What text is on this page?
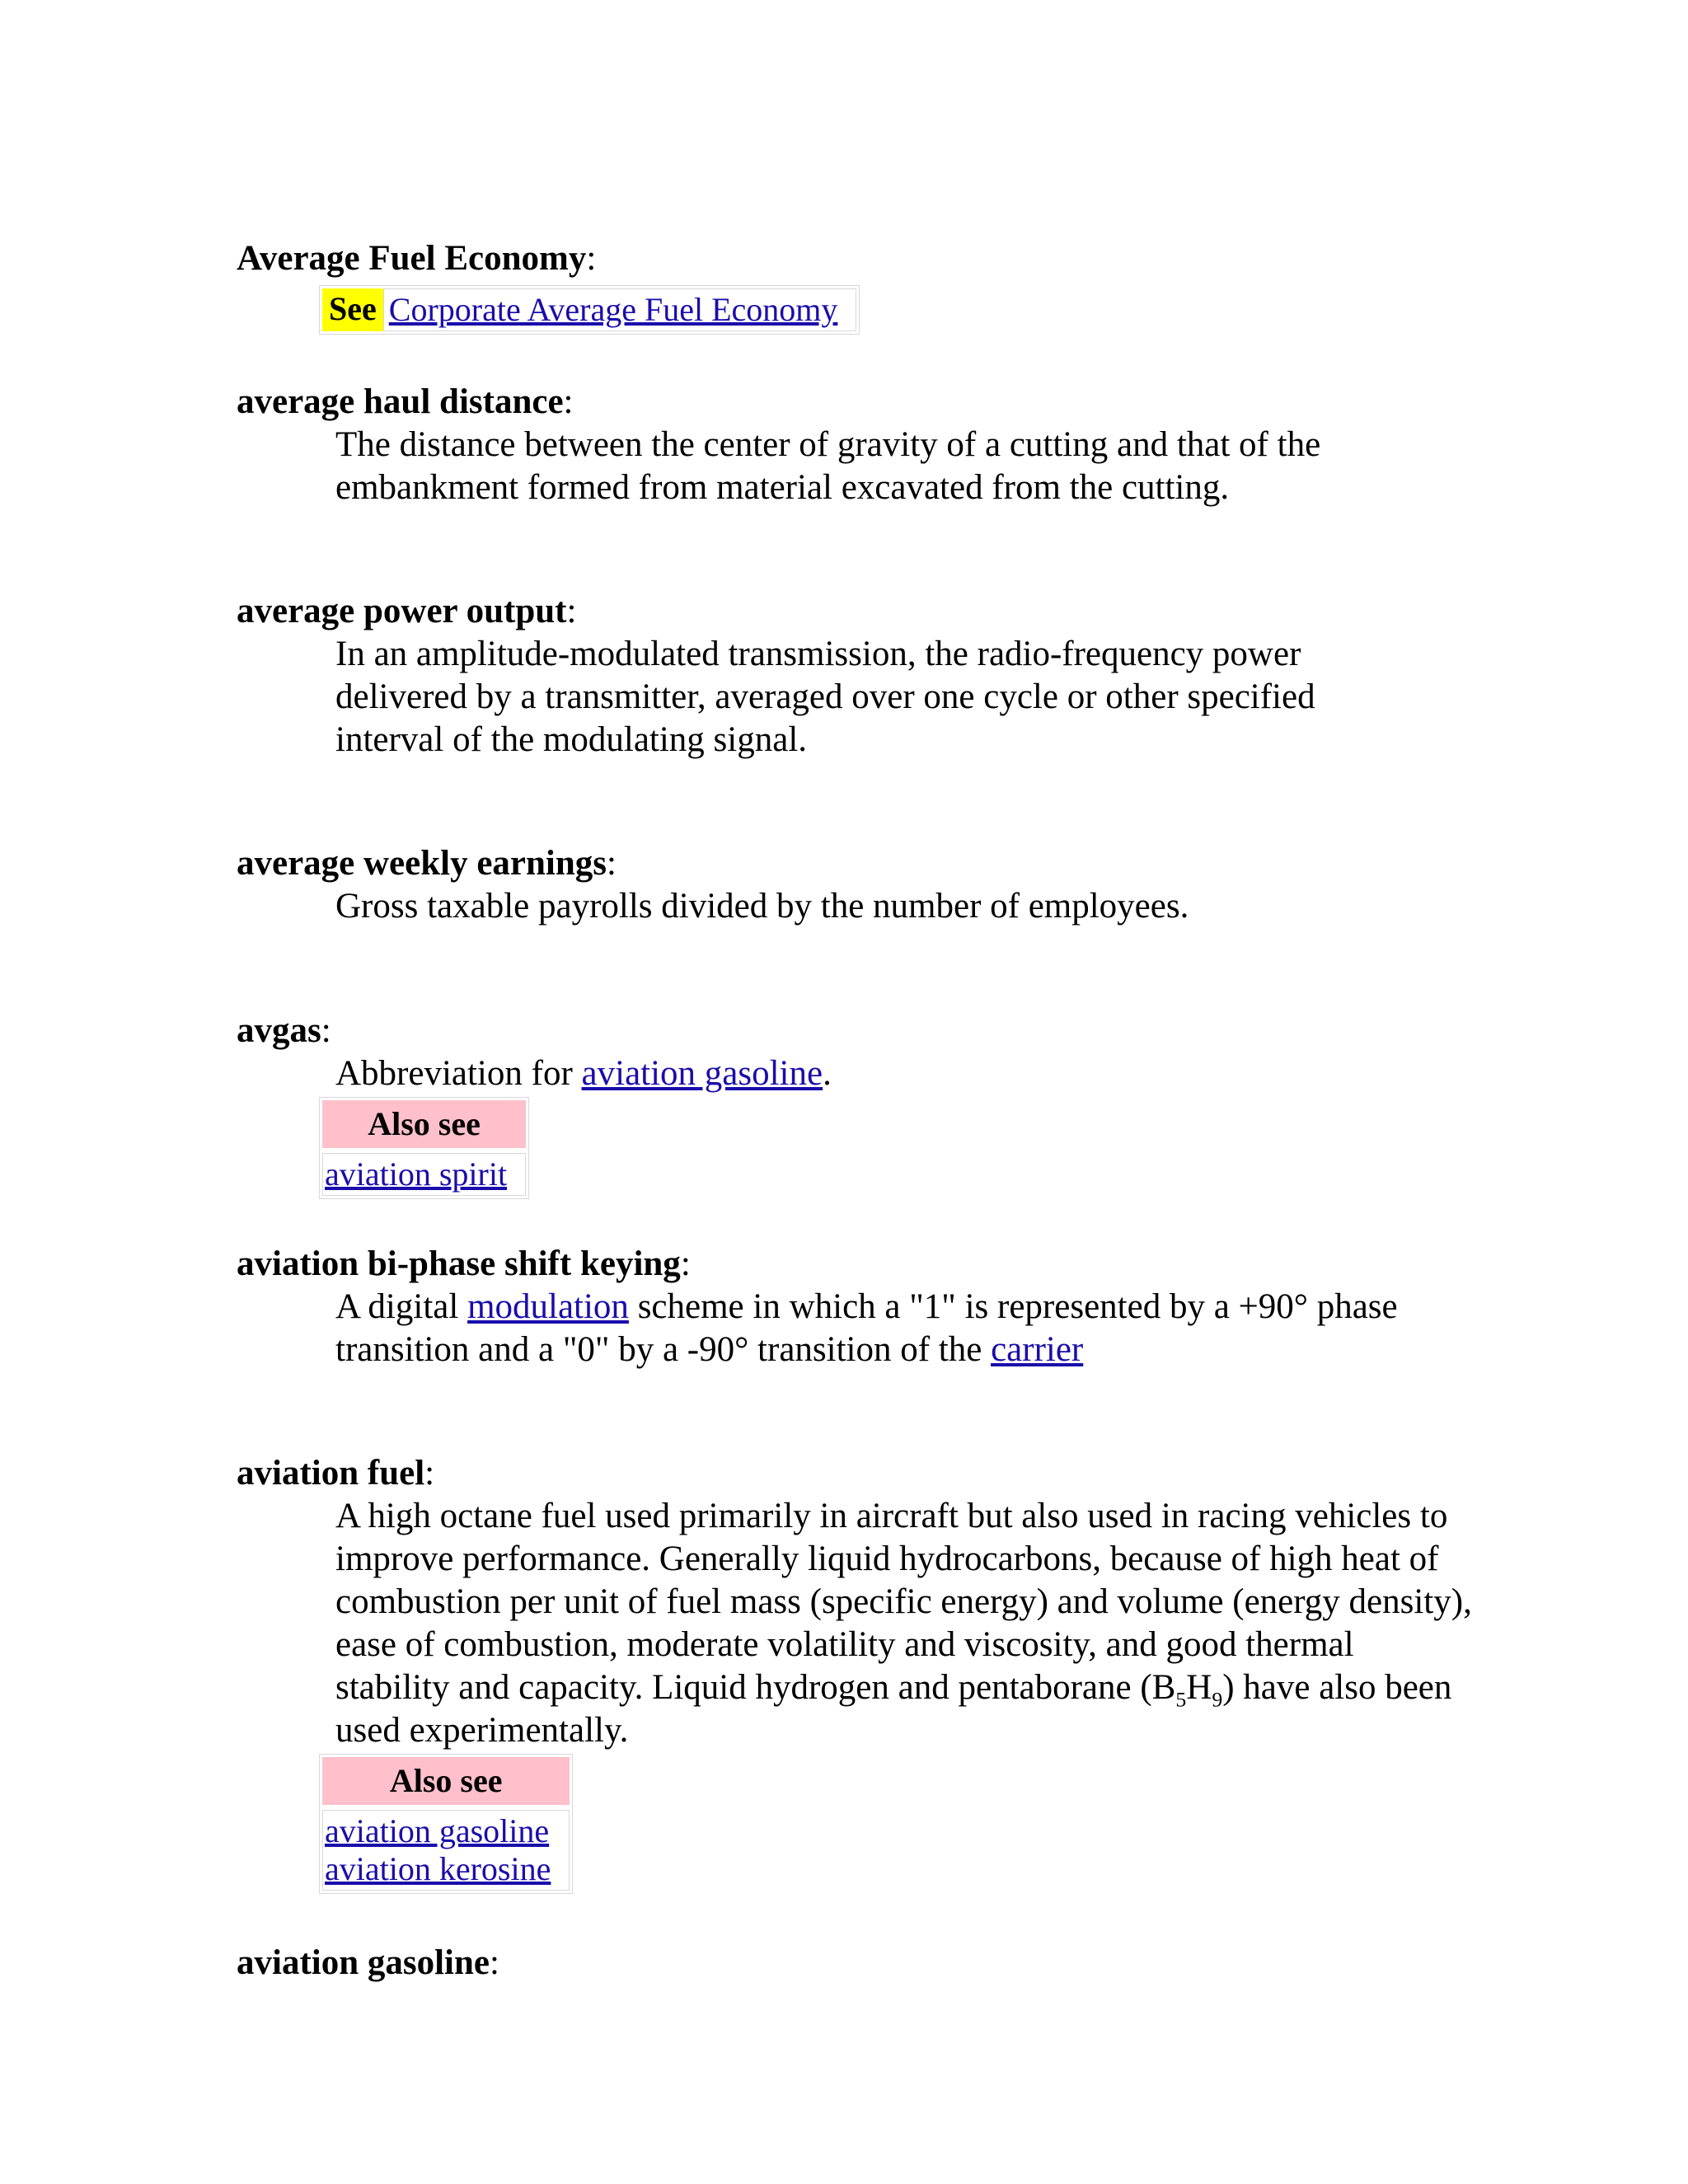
Average Fuel Economy:
See Corporate Average Fuel Economy
average haul distance:
The distance between the center of gravity of a cutting and that of the embankment formed from material excavated from the cutting.
average power output:
In an amplitude-modulated transmission, the radio-frequency power delivered by a transmitter, averaged over one cycle or other specified interval of the modulating signal.
average weekly earnings:
Gross taxable payrolls divided by the number of employees.
avgas:
Abbreviation for aviation gasoline.
Also see
aviation spirit
aviation bi-phase shift keying:
A digital modulation scheme in which a "1" is represented by a +90° phase transition and a "0" by a -90° transition of the carrier
aviation fuel:
A high octane fuel used primarily in aircraft but also used in racing vehicles to improve performance. Generally liquid hydrocarbons, because of high heat of combustion per unit of fuel mass (specific energy) and volume (energy density), ease of combustion, moderate volatility and viscosity, and good thermal stability and capacity. Liquid hydrogen and pentaborane $(B_5H_9)$ have also been used experimentally.
Also see
aviation gasoline
aviation kerosine
aviation gasoline:
